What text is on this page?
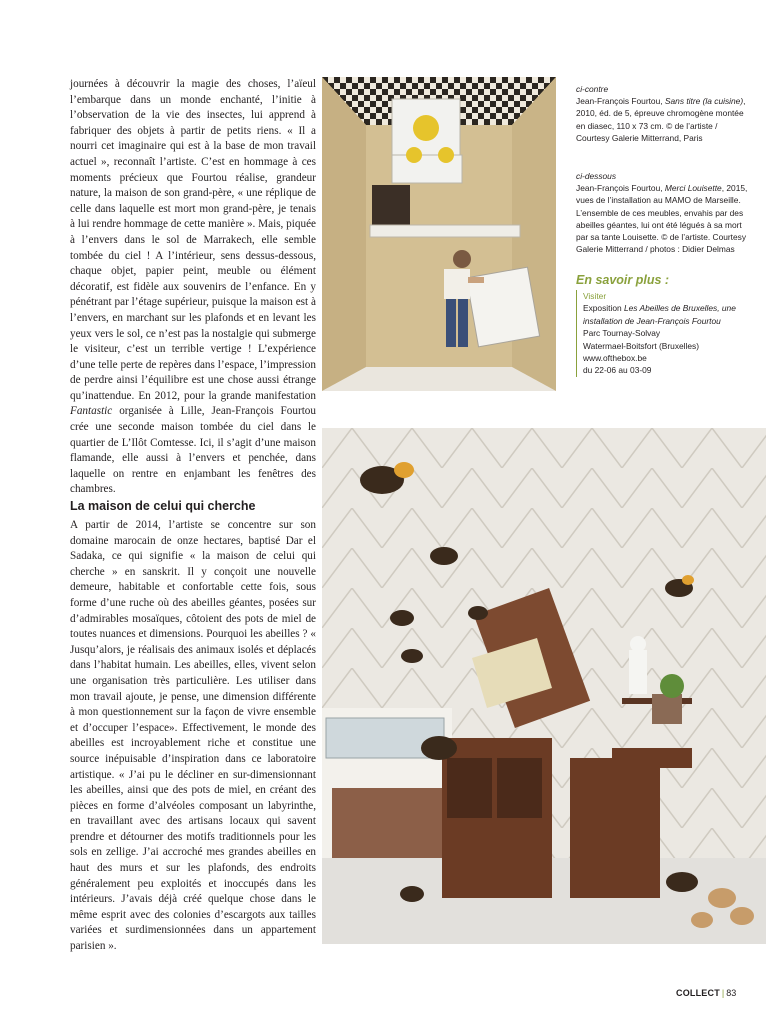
journées à découvrir la magie des choses, l’aïeul l’embarque dans un monde enchanté, l’initie à l’observation de la vie des insectes, lui apprend à fabriquer des objets à partir de petits riens. « Il a nourri cet imaginaire qui est à la base de mon travail actuel », reconnaît l’artiste. C’est en hommage à ces moments précieux que Fourtou réalise, grandeur nature, la maison de son grand-père, « une réplique de celle dans laquelle est mort mon grand-père, je tenais à lui rendre hommage de cette manière ». Mais, piquée à l’envers dans le sol de Marrakech, elle semble tombée du ciel ! A l’intérieur, sens dessus-dessous, chaque objet, papier peint, meuble ou élément décoratif, est fidèle aux souvenirs de l’enfance. En y pénétrant par l’étage supérieur, puisque la maison est à l’envers, en marchant sur les plafonds et en levant les yeux vers le sol, ce n’est pas la nostalgie qui submerge le visiteur, c’est un terrible vertige ! L’expérience d’une telle perte de repères dans l’espace, l’impression de perdre ainsi l’équilibre est une chose aussi étrange qu’inattendue. En 2012, pour la grande manifestation Fantastic organisée à Lille, Jean-François Fourtou crée une seconde maison tombée du ciel dans le quartier de L’Ilôt Comtesse. Ici, il s’agit d’une maison flamande, elle aussi à l’envers et penchée, dans laquelle on rentre en enjambant les fenêtres des chambres.

La maison de celui qui cherche

A partir de 2014, l’artiste se concentre sur son domaine marocain de onze hectares, baptisé Dar el Sadaka, ce qui signifie « la maison de celui qui cherche » en sanskrit. Il y conçoit une nouvelle demeure, habitable et confortable cette fois, sous forme d’une ruche où des abeilles géantes, posées sur d’admirables mosaïques, côtoient des pots de miel de toutes nuances et dimensions. Pourquoi les abeilles ? « Jusqu’alors, je réalisais des animaux isolés et déplacés dans l’habitat humain. Les abeilles, elles, vivent selon une organisation très particulière. Les utiliser dans mon travail ajoute, je pense, une dimension différente à mon questionnement sur la façon de vivre ensemble et d’occuper l’espace». Effectivement, le monde des abeilles est incroyablement riche et constitue une source inépuisable d’inspiration dans ce laboratoire artistique. « J’ai pu le décliner en sur-dimensionnant les abeilles, ainsi que des pots de miel, en créant des pièces en forme d’alvéoles composant un labyrinthe, en travaillant avec des artisans locaux qui savent prendre et détourner des motifs traditionnels pour les sols en zellige. J’ai accroché mes grandes abeilles en haut des murs et sur les plafonds, des endroits généralement peu exploités et inoccupés dans les intérieurs. J’avais déjà créé quelque chose dans le même esprit avec des colonies d’escargots aux tailles variées et surdimensionnées dans un appartement parisien ».

ci-contre
Jean-François Fourtou, Sans titre (la cuisine), 2010, éd. de 5, épreuve chromogène montée en diasec, 110 x 73 cm. © de l’artiste / Courtesy Galerie Mitterrand, Paris

ci-dessous
Jean-François Fourtou, Merci Louisette, 2015, vues de l’installation au MAMO de Marseille. L’ensemble de ces meubles, envahis par des abeilles géantes, lui ont été légués à sa mort par sa tante Louisette. © de l’artiste. Courtesy Galerie Mitterrand / photos : Didier Delmas

En savoir plus :

Visiter
Exposition Les Abeilles de Bruxelles, une installation de Jean-François Fourtou
Parc Tournay-Solvay
Watermael-Boitsfort (Bruxelles)
www.ofthebox.be
du 22-06 au 03-09
COLLECT | 83
